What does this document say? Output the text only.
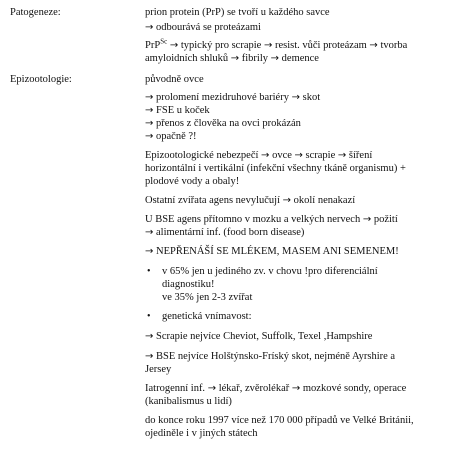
Patogeneze:
Epizootologie:
prion protein (PrP) se tvoří u každého savce
→ odbourává se proteázami
PrP$^{Sc}$ → typický pro scrapie → resist. vůči proteázam → tvorba
amyloidních shluků → fibrily → demence
původně ovce
→ prolomení mezidruhové bariéry → skot
→ FSE u koček
→ přenos z člověka na ovci prokázán
→ opačně ?!
Epizootologické nebezpečí → ovce → scrapie → šíření
horizontální i vertikální (infekční všechny tkáně organismu) +
plodové vody a obaly!
Ostatní zvířata agens nevylučují → okolí nenakazí
U BSE agens přítomno v mozku a velkých nervech → požití
→ alimentární inf. (food born disease)
→ NEPŘENÁŠÍ SE MLÉKEM, MASEM ANI SEMENEM!
• v 65% jen u jediného zv. v chovu !pro diferenciální
diagnostiku!
ve 35% jen 2-3 zvířat
• genetická vnímavost:
→ Scrapie nejvíce Cheviot, Suffolk, Texel ,Hampshire
→ BSE nejvíce Holštýnsko-Fríský skot, nejméně Ayrshire a
Jersey
Iatrogenní inf. → lékař, zvěrolékař → mozkové sondy, operace
(kanibalismus u lidí)
do konce roku 1997 více než 170 000 případů ve Velké Británii,
ojediněle i v jiných státech
